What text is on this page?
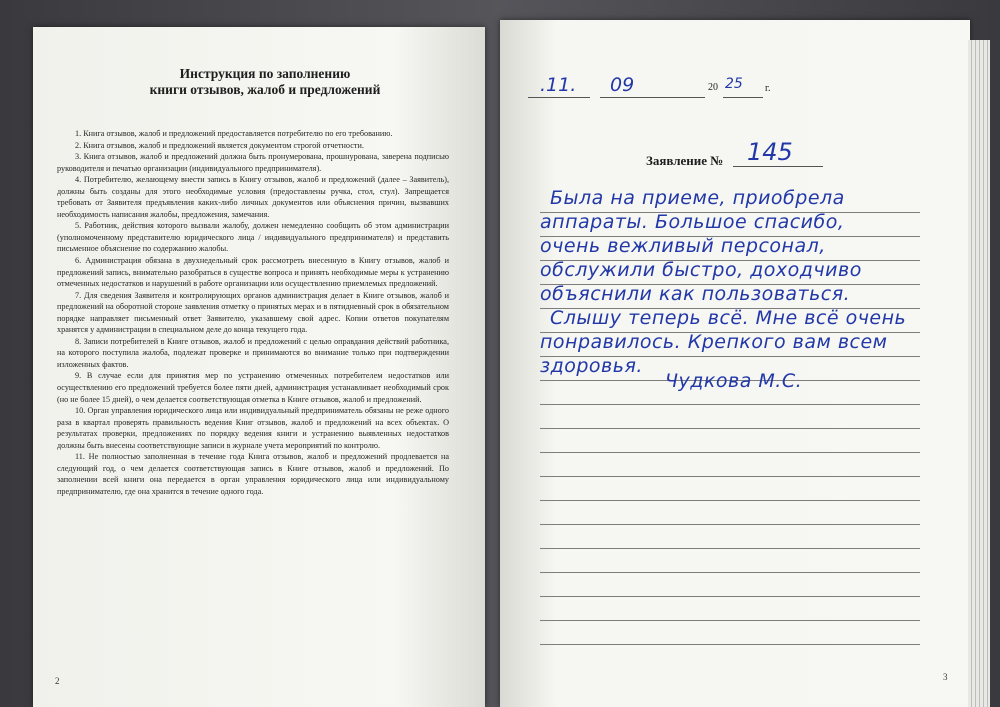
Инструкция по заполнению
книги отзывов, жалоб и предложений

1. Книга отзывов, жалоб и предложений предоставляется потребителю по его требованию.

2. Книга отзывов, жалоб и предложений является документом строгой отчетности.

3. Книга отзывов, жалоб и предложений должна быть пронумерована, прошнурована, заверена подписью руководителя и печатью организации (индивидуального предпринимателя).

4. Потребителю, желающему внести запись в Книгу отзывов, жалоб и предложений (далее – Заявитель), должны быть созданы для этого необходимые условия (предоставлены ручка, стол, стул). Запрещается требовать от Заявителя предъявления каких-либо личных документов или объяснения причин, вызвавших необходимость написания жалобы, предложения, замечания.

5. Работник, действия которого вызвали жалобу, должен немедленно сообщить об этом администрации (уполномоченному представителю юридического лица / индивидуального предпринимателя) и представить письменное объяснение по содержанию жалобы.

6. Администрация обязана в двухнедельный срок рассмотреть внесенную в Книгу отзывов, жалоб и предложений запись, внимательно разобраться в существе вопроса и принять необходимые меры к устранению отмеченных недостатков и нарушений в работе организации или осуществлению приемлемых предложений.

7. Для сведения Заявителя и контролирующих органов администрация делает в Книге отзывов, жалоб и предложений на оборотной стороне заявления отметку о принятых мерах и в пятидневный срок в обязательном порядке направляет письменный ответ Заявителю, указавшему свой адрес. Копии ответов покупателям хранятся у администрации в специальном деле до конца текущего года.

8. Записи потребителей в Книге отзывов, жалоб и предложений с целью оправдания действий работника, на которого поступила жалоба, подлежат проверке и принимаются во внимание только при подтверждении изложенных фактов.

9. В случае если для принятия мер по устранению отмеченных потребителем недостатков или осуществлению его предложений требуется более пяти дней, администрация устанавливает необходимый срок (но не более 15 дней), о чем делается соответствующая отметка в Книге отзывов, жалоб и предложений.

10. Орган управления юридического лица или индивидуальный предприниматель обязаны не реже одного раза в квартал проверять правильность ведения Книг отзывов, жалоб и предложений на всех объектах. О результатах проверки, предложениях по порядку ведения книги и устранению выявленных недостатков должны быть внесены соответствующие записи в журнале учета мероприятий по контролю.

11. Не полностью заполненная в течение года Книга отзывов, жалоб и предложений продлевается на следующий год, о чем делается соответствующая запись в Книге отзывов, жалоб и предложений. По заполнении всей книги она передается в орган управления юридического лица или индивидуальному предпринимателю, где она хранится в течение одного года.

2
.11. 09	20 25 г.
Заявление № 145
Была на приеме, приобрела
аппараты. Большое спасибо,
очень вежливый персонал,
обслужили быстро, доходчиво
объяснили как пользоваться.
Слышу теперь всё. Мне всё очень
понравилось. Крепкого вам всем
здоровья.
Чудкова М.С.
3
